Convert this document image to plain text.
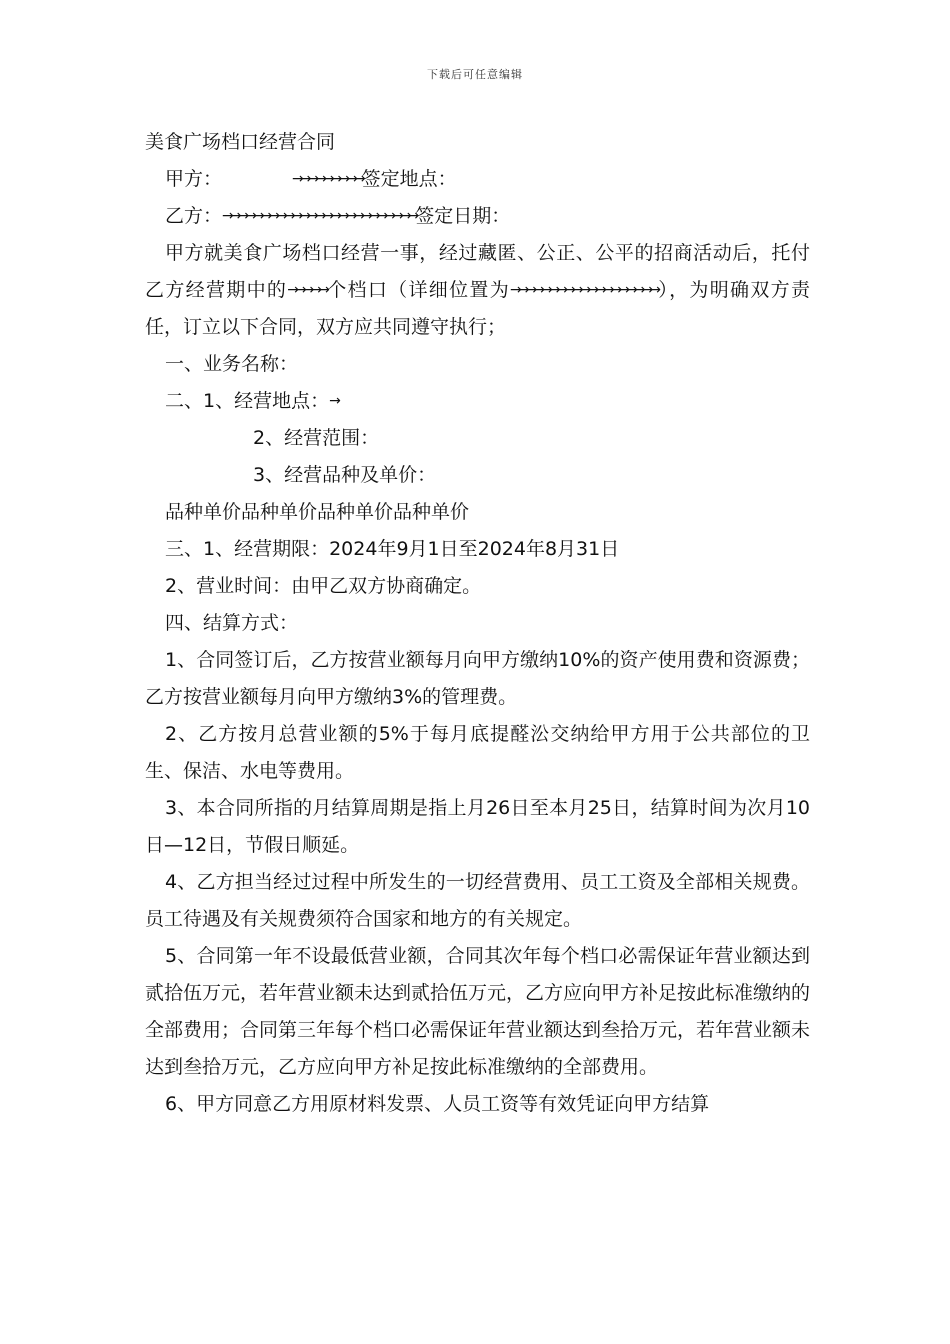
下载后可任意编辑
美食广场档口经营合同
甲方：	→→→→→→→→→签定地点：
乙方：→→→→→→→→→→→→→→→→→→→→→→→→→签定日期：
甲方就美食广场档口经营一事，经过藏匿、公正、公平的招商活动后，托付乙方经营期中的→→→→→个档口（详细位置为→→→→→→→→→→→→→→→→→→→），为明确双方责任，订立以下合同，双方应共同遵守执行；
一、业务名称：
二、1、经营地点：→
2、经营范围：
3、经营品种及单价：
品种单价品种单价品种单价品种单价
三、1、经营期限：2024年9月1日至2024年8月31日
2、营业时间：由甲乙双方协商确定。
四、结算方式：
1、合同签订后，乙方按营业额每月向甲方缴纳10%的资产使用费和资源费；乙方按营业额每月向甲方缴纳3%的管理费。
2、乙方按月总营业额的5%于每月底提醛㳂交纳给甲方用于公共部位的卫生、保洁、水电等费用。
3、本合同所指的月结算周期是指上月26日至本月25日，结算时间为次月10日—12日，节假日顺延。
4、乙方担当经过过程中所发生的一切经营费用、员工工资及全部相关规费。员工待遇及有关规费须符合国家和地方的有关规定。
5、合同第一年不设最低营业额，合同其次年每个档口必需保证年营业额达到贰拾伍万元，若年营业额未达到贰拾伍万元，乙方应向甲方补足按此标准缴纳的全部费用；合同第三年每个档口必需保证年营业额达到叁拾万元，若年营业额未达到叁拾万元，乙方应向甲方补足按此标准缴纳的全部费用。
6、甲方同意乙方用原材料发票、人员工资等有效凭证向甲方结算
